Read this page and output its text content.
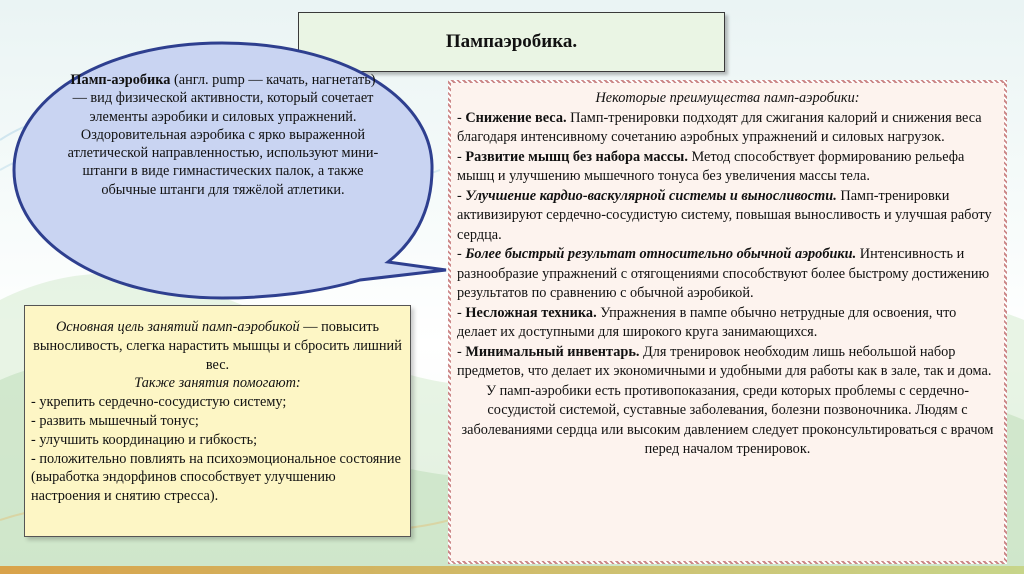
Пампаэробика.
Памп-аэробика (англ. pump — качать, нагнетать) — вид физической активности, который сочетает элементы аэробики и силовых упражнений. Оздоровительная аэробика с ярко выраженной атлетической направленностью, используют мини-штанги в виде гимнастических палок, а также обычные штанги для тяжёлой атлетики.
Основная цель занятий памп-аэробикой — повысить выносливость, слегка нарастить мышцы и сбросить лишний вес.
Также занятия помогают:
- укрепить сердечно-сосудистую систему;
- развить мышечный тонус;
- улучшить координацию и гибкость;
- положительно повлиять на психоэмоциональное состояние (выработка эндорфинов способствует улучшению настроения и снятию стресса).
Некоторые преимущества памп-аэробики:
- Снижение веса. Памп-тренировки подходят для сжигания калорий и снижения веса благодаря интенсивному сочетанию аэробных упражнений и силовых нагрузок.
- Развитие мышц без набора массы. Метод способствует формированию рельефа мышц и улучшению мышечного тонуса без увеличения массы тела.
- Улучшение кардио-васкулярной системы и выносливости. Памп-тренировки активизируют сердечно-сосудистую систему, повышая выносливость и улучшая работу сердца.
- Более быстрый результат относительно обычной аэробики. Интенсивность и разнообразие упражнений с отягощениями способствуют более быстрому достижению результатов по сравнению с обычной аэробикой.
- Несложная техника. Упражнения в пампе обычно нетрудные для освоения, что делает их доступными для широкого круга занимающихся.
- Минимальный инвентарь. Для тренировок необходим лишь небольшой набор предметов, что делает их экономичными и удобными для работы как в зале, так и дома.
У памп-аэробики есть противопоказания, среди которых проблемы с сердечно-сосудистой системой, суставные заболевания, болезни позвоночника. Людям с заболеваниями сердца или высоким давлением следует проконсультироваться с врачом перед началом тренировок.
